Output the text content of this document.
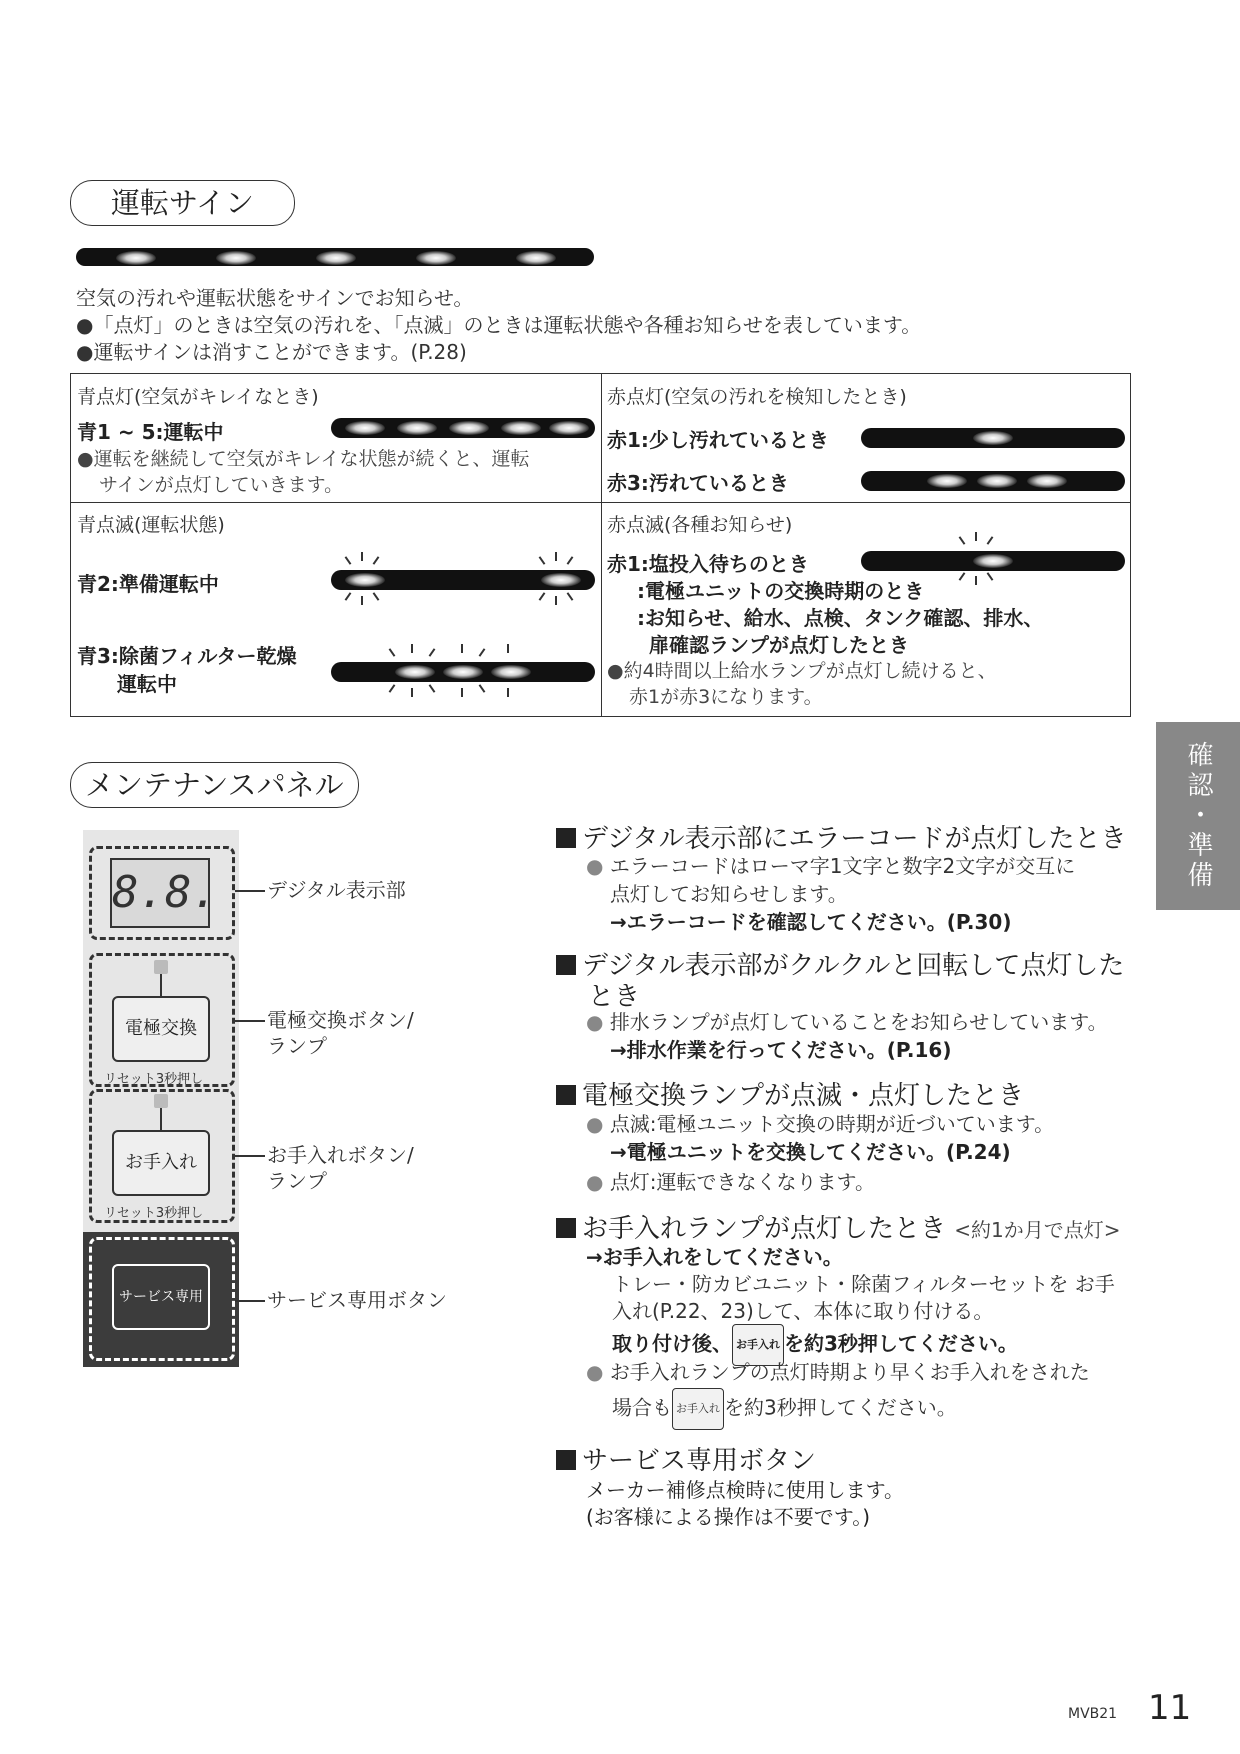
運転サイン
空気の汚れや運転状態をサインでお知らせ。
●「点灯」のときは空気の汚れを、「点滅」のときは運転状態や各種お知らせを表しています。
●運転サインは消すことができます。(P.28)
青点灯(空気がキレイなとき)
青1 ~ 5:運転中
●運転を継続して空気がキレイな状態が続くと、運転
サインが点灯していきます。
赤点灯(空気の汚れを検知したとき)
赤1:少し汚れているとき
赤3:汚れているとき
青点滅(運転状態)
青2:準備運転中
青3:除菌フィルター乾燥
運転中
赤点滅(各種お知らせ)
赤1:塩投入待ちのとき
:電極ユニットの交換時期のとき
:お知らせ、給水、点検、タンク確認、排水、
扉確認ランプが点灯したとき
●約4時間以上給水ランプが点灯し続けると、
赤1が赤3になります。
メンテナンスパネル
8.8.
電極交換
リセット3秒押し
お手入れ
リセット3秒押し
サービス専用
デジタル表示部
電極交換ボタン/
ランプ
お手入れボタン/
ランプ
サービス専用ボタン
デジタル表示部にエラーコードが点灯したとき
● エラーコードはローマ字1文字と数字2文字が交互に
点灯してお知らせします。
→エラーコードを確認してください。(P.30)
デジタル表示部がクルクルと回転して点灯した
とき
● 排水ランプが点灯していることをお知らせしています。
→排水作業を行ってください。(P.16)
電極交換ランプが点滅・点灯したとき
● 点滅:電極ユニット交換の時期が近づいています。
→電極ユニットを交換してください。(P.24)
● 点灯:運転できなくなります。
お手入れランプが点灯したとき <約1か月で点灯>
→お手入れをしてください。
トレー・防カビユニット・除菌フィルターセットを お手
入れ(P.22、23)して、本体に取り付ける。
取り付け後、 お手入れ を約3秒押してください。
● お手入れランプの点灯時期より早くお手入れをされた
場合も お手入れ を約3秒押してください。
サービス専用ボタン
メーカー補修点検時に使用します。
(お客様による操作は不要です。)
確認・準備
MVB21 11
